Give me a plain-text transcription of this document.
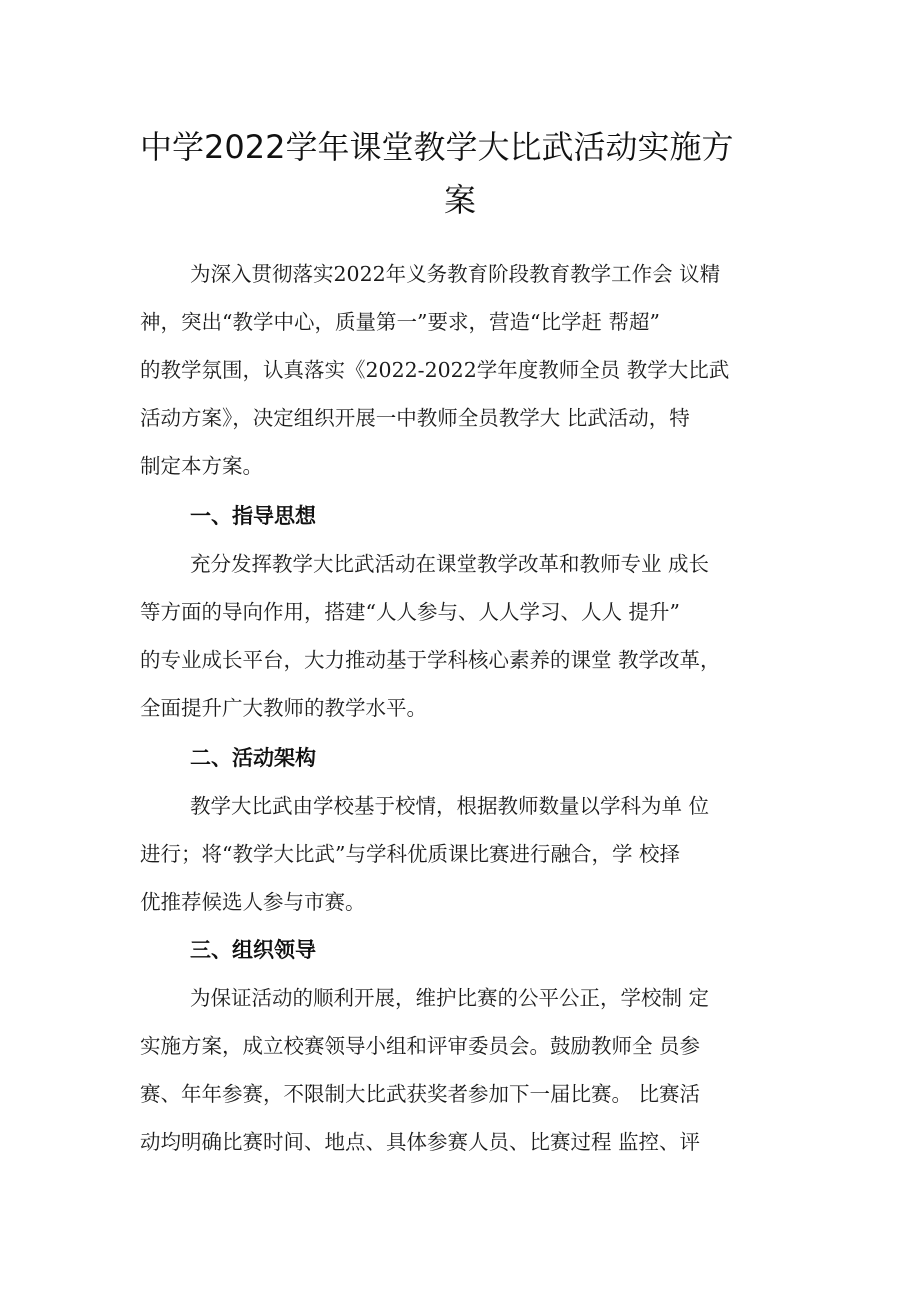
中学2022学年课堂教学大比武活动实施方
案
为深入贯彻落实2022年义务教育阶段教育教学工作会 议精
神，突出“教学中心，质量第一”要求，营造“比学赶 帮超”
的教学氛围，认真落实《2022-2022学年度教师全员 教学大比武
活动方案》，决定组织开展一中教师全员教学大 比武活动，特
制定本方案。
一、指导思想
充分发挥教学大比武活动在课堂教学改革和教师专业 成长
等方面的导向作用，搭建“人人参与、人人学习、人人 提升”
的专业成长平台，大力推动基于学科核心素养的课堂 教学改革，
全面提升广大教师的教学水平。
二、活动架构
教学大比武由学校基于校情，根据教师数量以学科为单 位
进行；将“教学大比武”与学科优质课比赛进行融合，学 校择
优推荐候选人参与市赛。
三、组织领导
为保证活动的顺利开展，维护比赛的公平公正，学校制 定
实施方案，成立校赛领导小组和评审委员会。鼓励教师全 员参
赛、年年参赛，不限制大比武获奖者参加下一届比赛。 比赛活
动均明确比赛时间、地点、具体参赛人员、比赛过程 监控、评
